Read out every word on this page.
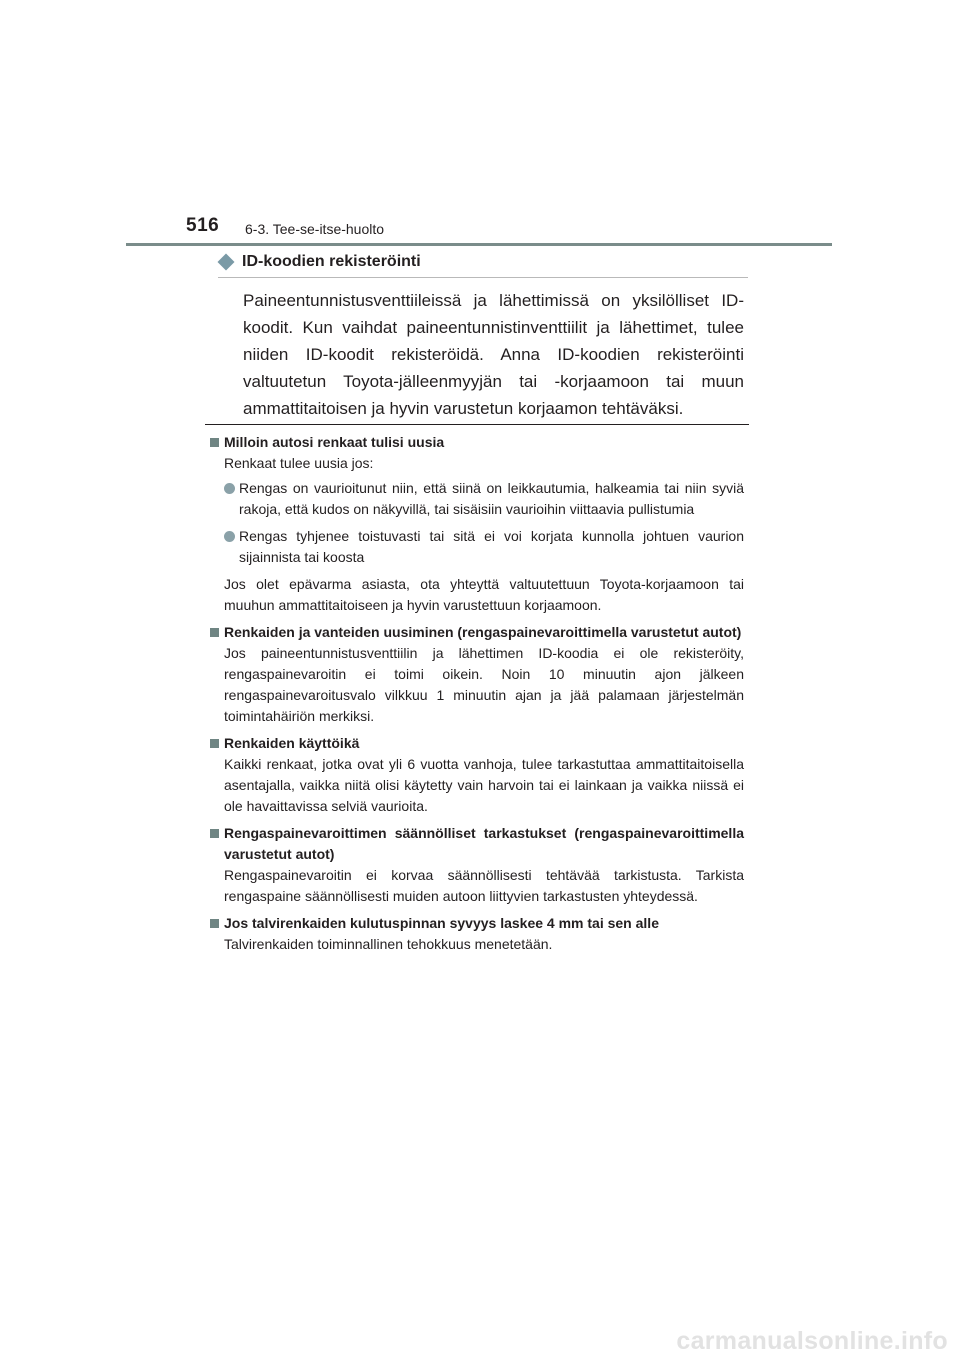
516 6-3. Tee-se-itse-huolto
ID-koodien rekisteröinti
Paineentunnistusventtiileissä ja lähettimissä on yksilölliset ID-koodit. Kun vaihdat paineentunnistinventtiilit ja lähettimet, tulee niiden ID-koodit rekisteröidä. Anna ID-koodien rekisteröinti valtuutetun Toyota-jälleenmyyjän tai -korjaamoon tai muun ammattitaitoisen ja hyvin varustetun korjaamon tehtäväksi.
Milloin autosi renkaat tulisi uusia
Renkaat tulee uusia jos:
Rengas on vaurioitunut niin, että siinä on leikkautumia, halkeamia tai niin syviä rakoja, että kudos on näkyvillä, tai sisäisiin vaurioihin viittaavia pullistumia
Rengas tyhjenee toistuvasti tai sitä ei voi korjata kunnolla johtuen vaurion sijainnista tai koosta
Jos olet epävarma asiasta, ota yhteyttä valtuutettuun Toyota-korjaamoon tai muuhun ammattitaitoiseen ja hyvin varustettuun korjaamoon.
Renkaiden ja vanteiden uusiminen (rengaspainevaroittimella varustetut autot)
Jos paineentunnistusventtiilin ja lähettimen ID-koodia ei ole rekisteröity, rengaspainevaroitin ei toimi oikein. Noin 10 minuutin ajon jälkeen rengaspainevaroitusvalo vilkkuu 1 minuutin ajan ja jää palamaan järjestelmän toimintahäiriön merkiksi.
Renkaiden käyttöikä
Kaikki renkaat, jotka ovat yli 6 vuotta vanhoja, tulee tarkastuttaa ammattitaitoisella asentajalla, vaikka niitä olisi käytetty vain harvoin tai ei lainkaan ja vaikka niissä ei ole havaittavissa selviä vaurioita.
Rengaspainevaroittimen säännölliset tarkastukset (rengaspainevaroittimella varustetut autot)
Rengaspainevaroitin ei korvaa säännöllisesti tehtävää tarkistusta. Tarkista rengaspaine säännöllisesti muiden autoon liittyvien tarkastusten yhteydessä.
Jos talvirenkaiden kulutuspinnan syvyys laskee 4 mm tai sen alle
Talvirenkaiden toiminnallinen tehokkuus menetetään.
carmanualsonline.info
